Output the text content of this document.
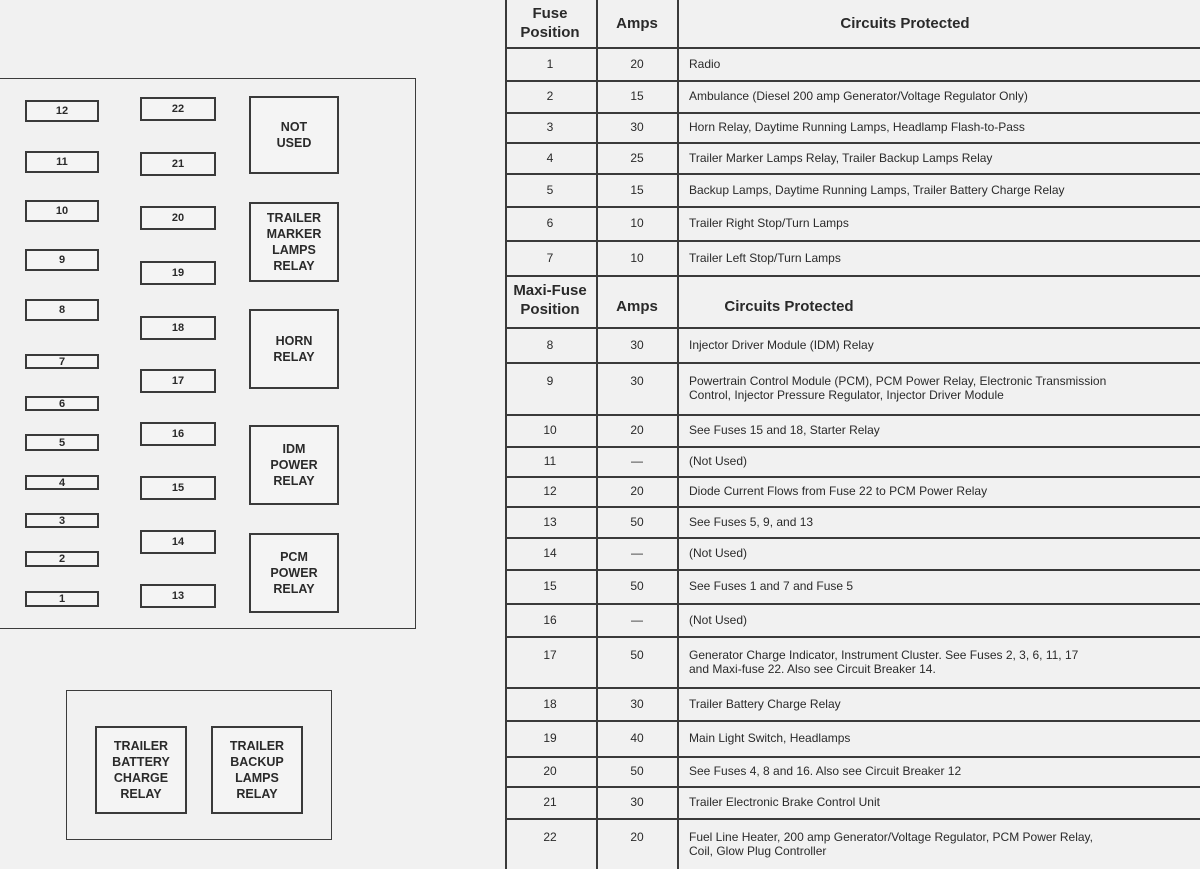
TRAILER
BATTERY
CHARGE
RELAY
TRAILER
BACKUP
LAMPS
RELAY
12
11
10
9
8
7
6
5
4
3
2
1
22
21
20
19
18
17
16
15
14
13
NOT
USED
TRAILER
MARKER
LAMPS
RELAY
HORN
RELAY
IDM
POWER
RELAY
PCM
POWER
RELAY
Fuse
Position
Amps	Circuits Protected
1	20	Radio
2	15	Ambulance (Diesel 200 amp Generator/Voltage Regulator Only)
3	30	Horn Relay, Daytime Running Lamps, Headlamp Flash-to-Pass
4	25	Trailer Marker Lamps Relay, Trailer Backup Lamps Relay
5	15	Backup Lamps, Daytime Running Lamps, Trailer Battery Charge Relay
6	10	Trailer Right Stop/Turn Lamps
7	10	Trailer Left Stop/Turn Lamps
Maxi-Fuse
Position	Amps	Circuits Protected
8	30	Injector Driver Module (IDM) Relay
9	30	Powertrain Control Module (PCM), PCM Power Relay, Electronic Transmission
Control, Injector Pressure Regulator, Injector Driver Module
10	20	See Fuses 15 and 18, Starter Relay
11	—	(Not Used)
12	20	Diode Current Flows from Fuse 22 to PCM Power Relay
13	50	See Fuses 5, 9, and 13
14	—	(Not Used)
15	50	See Fuses 1 and 7 and Fuse 5
16	—	(Not Used)
17	50	Generator Charge Indicator, Instrument Cluster. See Fuses 2, 3, 6, 11, 17
and Maxi-fuse 22. Also see Circuit Breaker 14.
18	30	Trailer Battery Charge Relay
19	40	Main Light Switch, Headlamps
20	50	See Fuses 4, 8 and 16. Also see Circuit Breaker 12
21	30	Trailer Electronic Brake Control Unit
22	20	Fuel Line Heater, 200 amp Generator/Voltage Regulator, PCM Power Relay,
Coil, Glow Plug Controller
